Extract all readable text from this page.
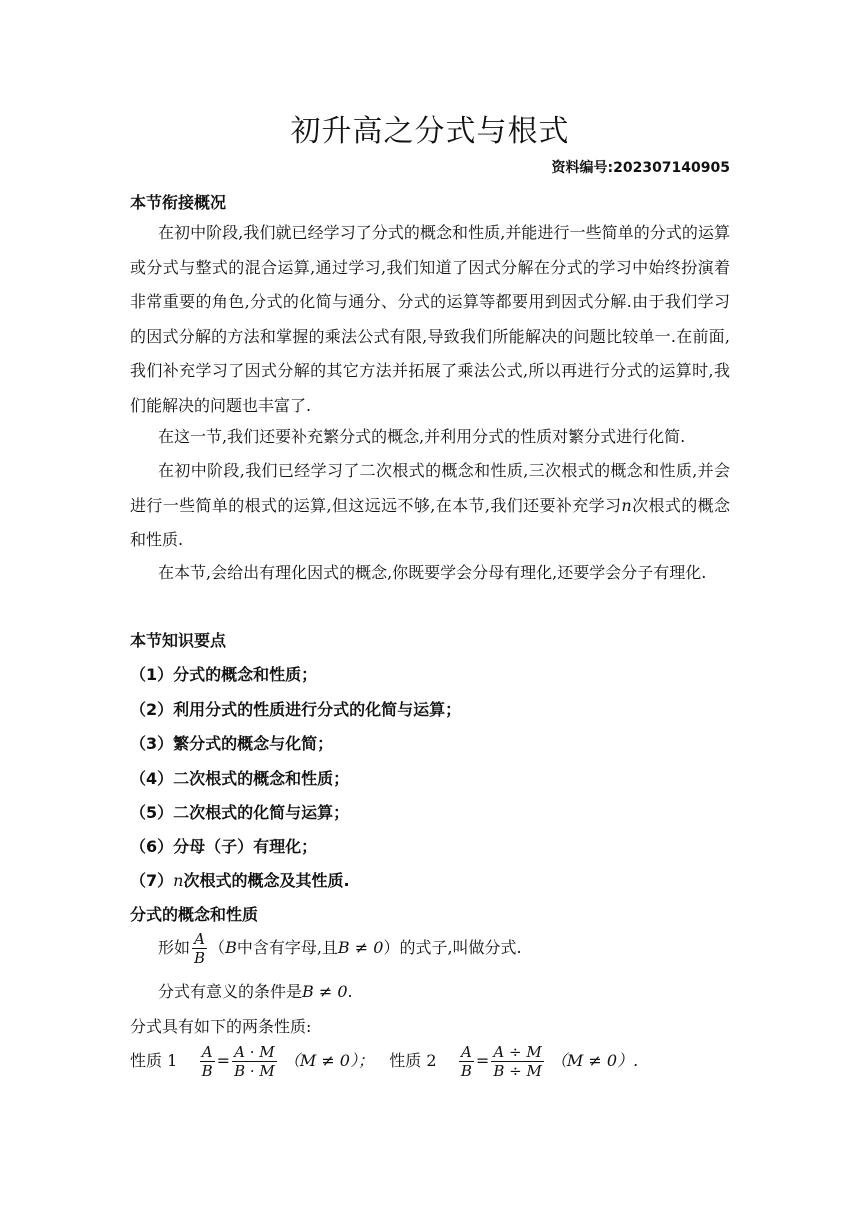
初升高之分式与根式
资料编号:202307140905
本节衔接概况
在初中阶段,我们就已经学习了分式的概念和性质,并能进行一些简单的分式的运算或分式与整式的混合运算,通过学习,我们知道了因式分解在分式的学习中始终扮演着非常重要的角色,分式的化简与通分、分式的运算等都要用到因式分解.由于我们学习的因式分解的方法和掌握的乘法公式有限,导致我们所能解决的问题比较单一.在前面,我们补充学习了因式分解的其它方法并拓展了乘法公式,所以再进行分式的运算时,我们能解决的问题也丰富了.
在这一节,我们还要补充繁分式的概念,并利用分式的性质对繁分式进行化简.
在初中阶段,我们已经学习了二次根式的概念和性质,三次根式的概念和性质,并会进行一些简单的根式的运算,但这远远不够,在本节,我们还要补充学习n次根式的概念和性质.
在本节,会给出有理化因式的概念,你既要学会分母有理化,还要学会分子有理化.
本节知识要点
（1）分式的概念和性质；
（2）利用分式的性质进行分式的化简与运算；
（3）繁分式的概念与化简；
（4）二次根式的概念和性质；
（5）二次根式的化简与运算；
（6）分母（子）有理化；
（7）n次根式的概念及其性质.
分式的概念和性质
形如 $\frac{A}{B} (B$中含有字母,且B ≠ 0）的式子,叫做分式.
分式有意义的条件是B ≠ 0.
分式具有如下的两条性质:
性质 $1 \frac{A}{B} = \frac{A \cdot M}{B \cdot M} (M \ne 0)$； 性质 $2 \frac{A}{B} = \frac{A \div M}{B \div M} (M \ne 0)$.
